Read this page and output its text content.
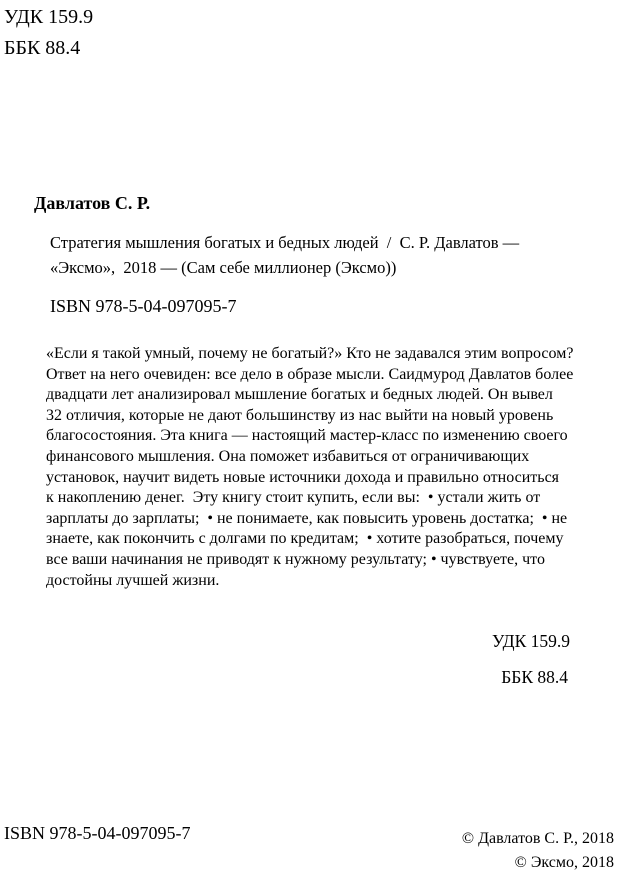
УДК 159.9
ББК 88.4
Давлатов С. Р.
Стратегия мышления богатых и бедных людей  /  С. Р. Давлатов —
«Эксмо»,  2018 — (Сам себе миллионер (Эксмо))
ISBN 978-5-04-097095-7
«Если я такой умный, почему не богатый?» Кто не задавался этим вопросом?
Ответ на него очевиден: все дело в образе мысли. Саидмурод Давлатов более
двадцати лет анализировал мышление богатых и бедных людей. Он вывел
32 отличия, которые не дают большинству из нас выйти на новый уровень
благосостояния. Эта книга — настоящий мастер-класс по изменению своего
финансового мышления. Она поможет избавиться от ограничивающих
установок, научит видеть новые источники дохода и правильно относиться
к накоплению денег.  Эту книгу стоит купить, если вы:  • устали жить от
зарплаты до зарплаты;  • не понимаете, как повысить уровень достатка;  • не
знаете, как покончить с долгами по кредитам;  • хотите разобраться, почему
все ваши начинания не приводят к нужному результату; • чувствуете, что
достойны лучшей жизни.
УДК 159.9
ББК 88.4
ISBN 978-5-04-097095-7	© Давлатов С. Р., 2018
© Эксмо, 2018
